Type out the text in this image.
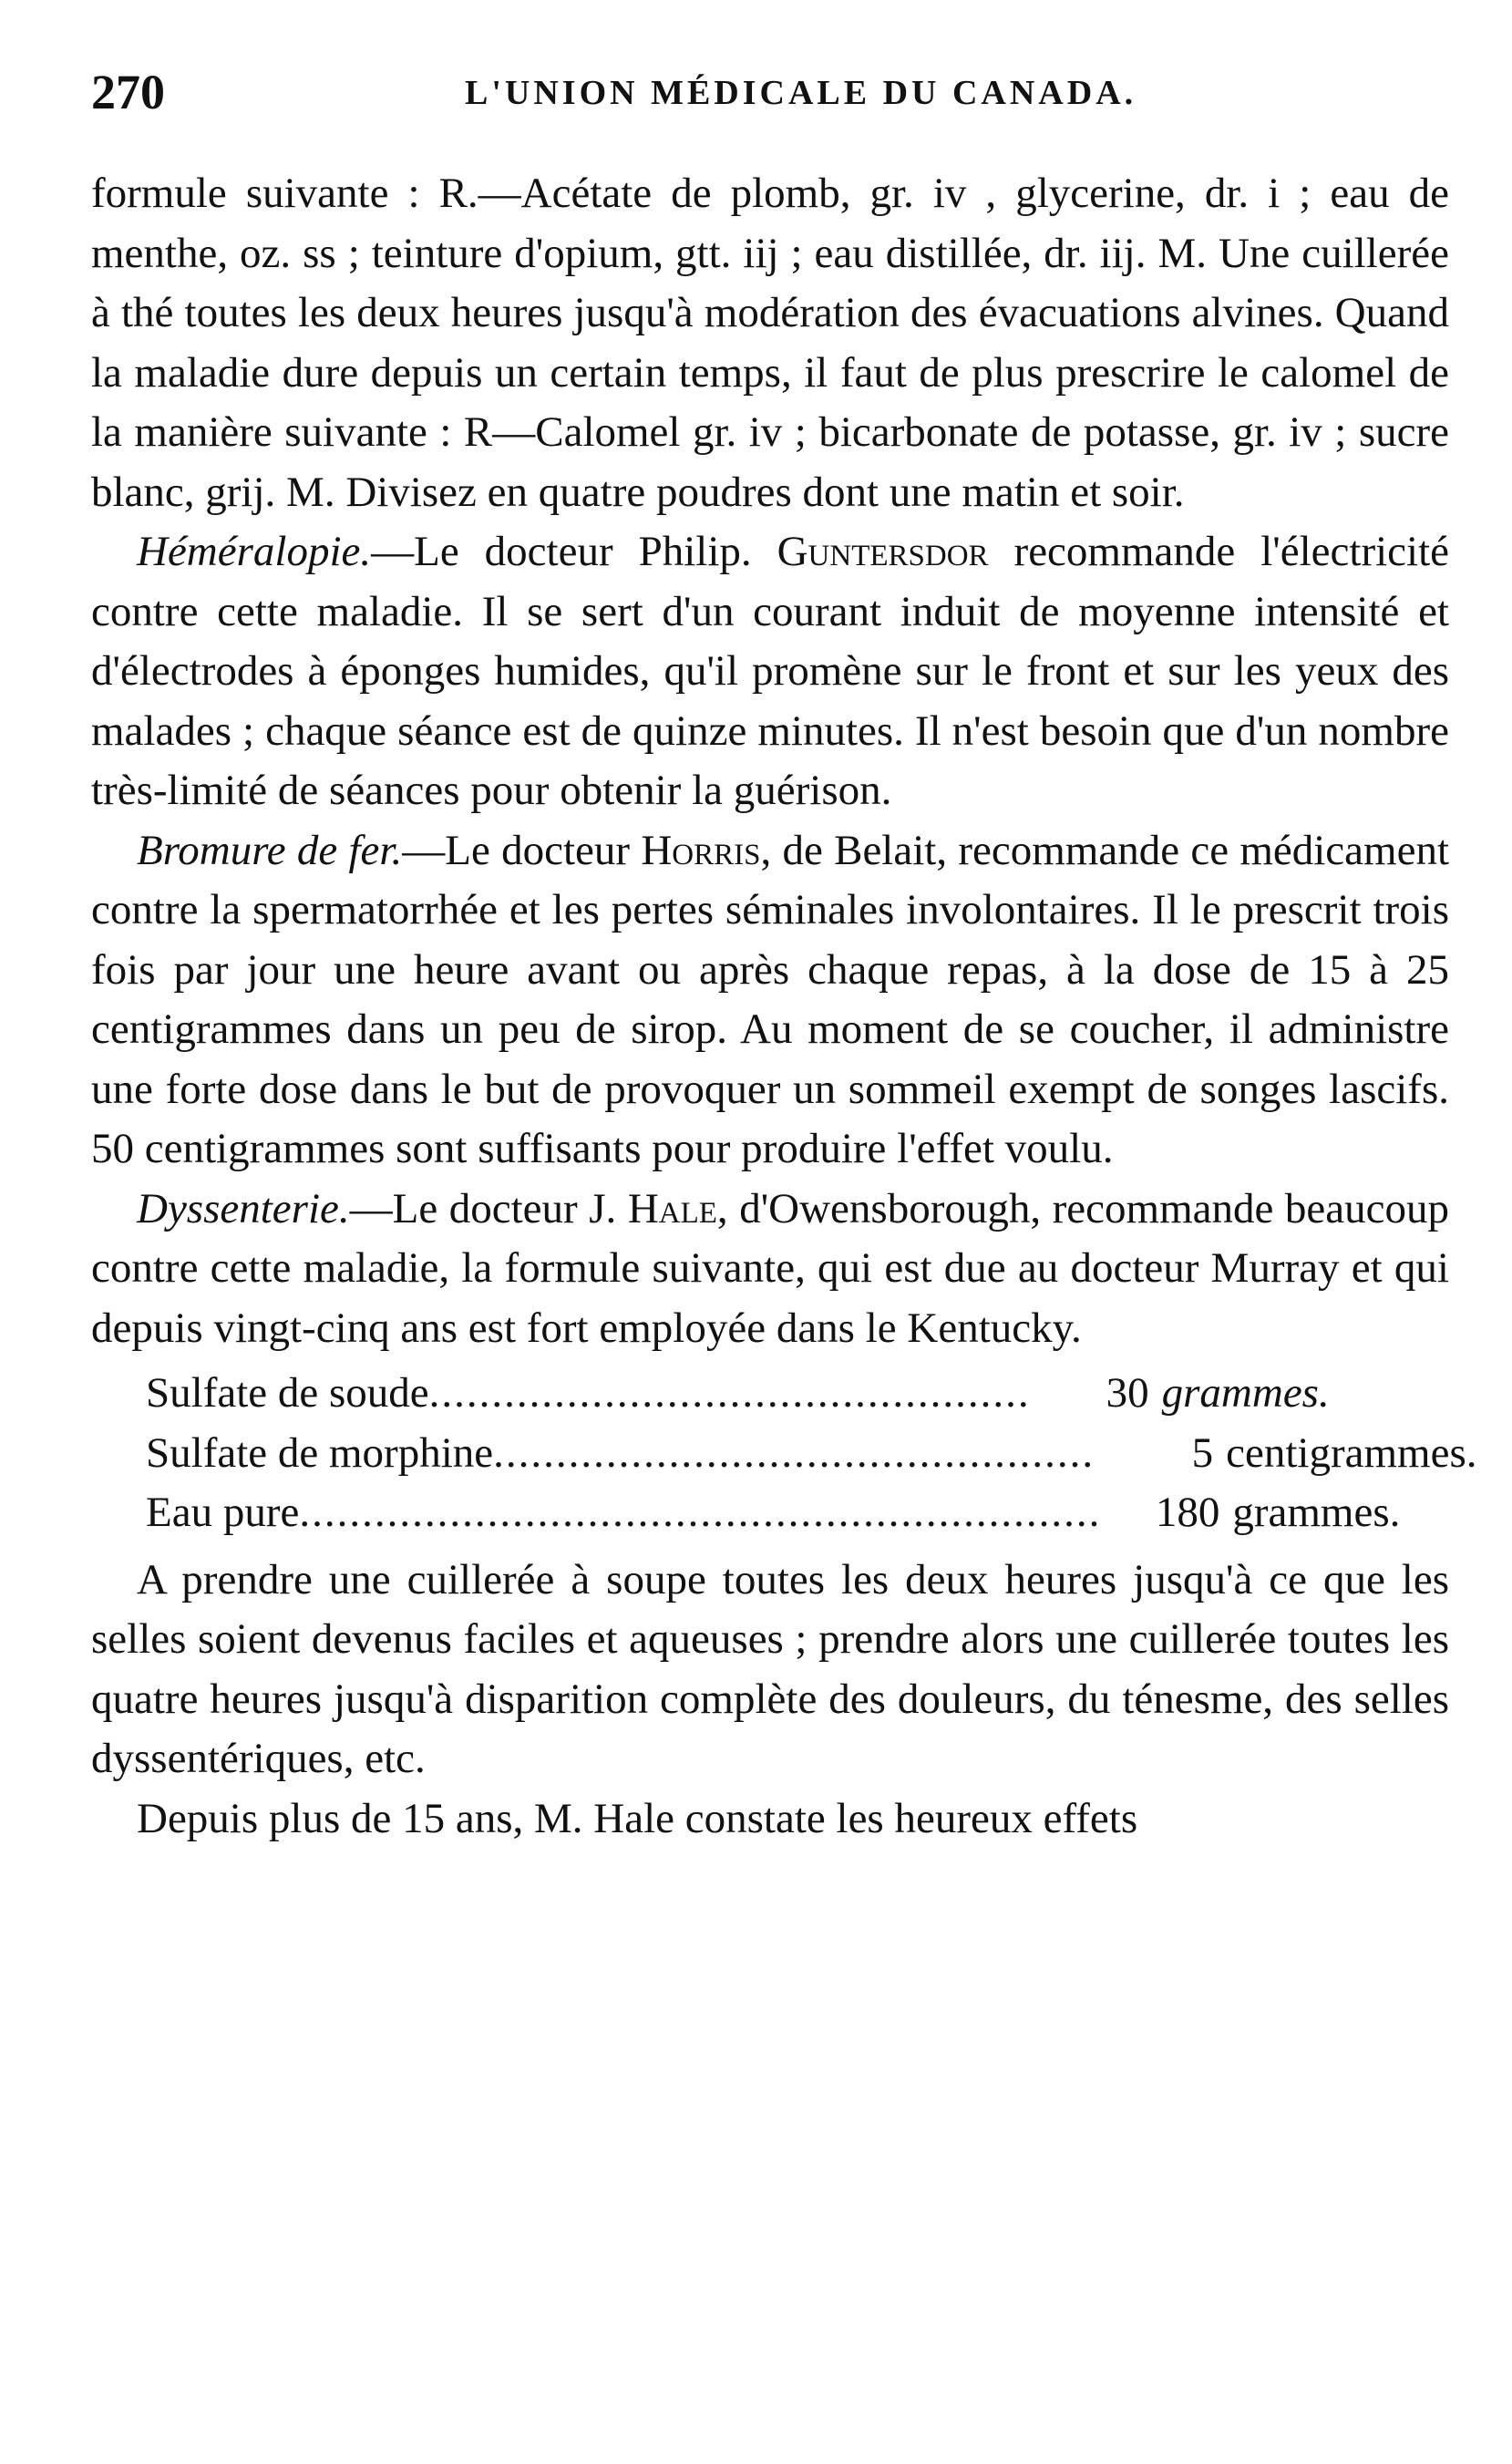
270	L'UNION MÉDICALE DU CANADA.

formule suivante : R.—Acétate de plomb, gr. iv , glycerine, dr. i ; eau de menthe, oz. ss ; teinture d'opium, gtt. iij ; eau distillée, dr. iij. M. Une cuillerée à thé toutes les deux heures jusqu'à modération des évacuations alvines. Quand la maladie dure depuis un certain temps, il faut de plus prescrire le calomel de la manière suivante : R—Calomel gr. iv ; bicarbonate de potasse, gr. iv ; sucre blanc, grij. M. Divisez en quatre poudres dont une matin et soir.

Héméralopie.—Le docteur Philip. Guntersdor recommande l'électricité contre cette maladie. Il se sert d'un courant induit de moyenne intensité et d'électrodes à éponges humides, qu'il promène sur le front et sur les yeux des malades ; chaque séance est de quinze minutes. Il n'est besoin que d'un nombre très-limité de séances pour obtenir la guérison.

Bromure de fer.—Le docteur Horris, de Belait, recommande ce médicament contre la spermatorrhée et les pertes séminales involontaires. Il le prescrit trois fois par jour une heure avant ou après chaque repas, à la dose de 15 à 25 centigrammes dans un peu de sirop. Au moment de se coucher, il administre une forte dose dans le but de provoquer un sommeil exempt de songes lascifs. 50 centigrammes sont suffisants pour produire l'effet voulu.

Dyssenterie.—Le docteur J. Hale, d'Owensborough, recommande beaucoup contre cette maladie, la formule suivante, qui est due au docteur Murray et qui depuis vingt-cinq ans est fort employée dans le Kentucky.

Sulfate de soude ................................................	30 grammes.
Sulfate de morphine ................................................	5 centigrammes.
Eau pure ................................................................	180 grammes.

A prendre une cuillerée à soupe toutes les deux heures jusqu'à ce que les selles soient devenus faciles et aqueuses ; prendre alors une cuillerée toutes les quatre heures jusqu'à disparition complète des douleurs, du ténesme, des selles dyssentériques, etc.

Depuis plus de 15 ans, M. Hale constate les heureux effets
